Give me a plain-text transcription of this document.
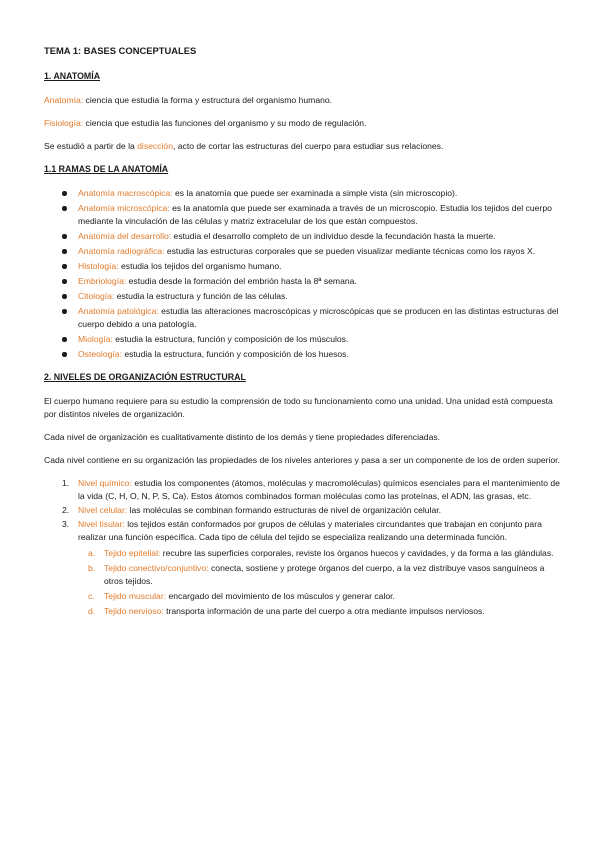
TEMA 1: BASES CONCEPTUALES
1. ANATOMÍA

Anatomía: ciencia que estudia la forma y estructura del organismo humano.

Fisiología: ciencia que estudia las funciones del organismo y su modo de regulación.

Se estudió a partir de la disección, acto de cortar las estructuras del cuerpo para estudiar sus relaciones.

1.1 RAMAS DE LA ANATOMÍA
Anatomía macroscópica: es la anatomía que puede ser examinada a simple vista (sin microscopio).
Anatomía microscópica: es la anatomía que puede ser examinada a través de un microscopio. Estudia los tejidos del cuerpo mediante la vinculación de las células y matriz extracelular de los que están compuestos.
Anatomía del desarrollo: estudia el desarrollo completo de un individuo desde la fecundación hasta la muerte.
Anatomía radiográfica: estudia las estructuras corporales que se pueden visualizar mediante técnicas como los rayos X.
Histología: estudia los tejidos del organismo humano.
Embriología: estudia desde la formación del embrión hasta la 8ª semana.
Citología: estudia la estructura y función de las células.
Anatomía patológica: estudia las alteraciones macroscópicas y microscópicas que se producen en las distintas estructuras del cuerpo debido a una patología.
Miología: estudia la estructura, función y composición de los músculos.
Osteología: estudia la estructura, función y composición de los huesos.
2. NIVELES DE ORGANIZACIÓN ESTRUCTURAL

El cuerpo humano requiere para su estudio la comprensión de todo su funcionamiento como una unidad. Una unidad está compuesta por distintos niveles de organización.

Cada nivel de organización es cualitativamente distinto de los demás y tiene propiedades diferenciadas.

Cada nivel contiene en su organización las propiedades de los niveles anteriores y pasa a ser un componente de los de orden superior.

1. Nivel químico: estudia los componentes (átomos, moléculas y macromoléculas) químicos esenciales para el mantenimiento de la vida (C, H, O, N, P, S, Ca). Estos átomos combinados forman moléculas como las proteínas, el ADN, las grasas, etc.
2. Nivel celular: las moléculas se combinan formando estructuras de nivel de organización celular.
3. Nivel tisular: los tejidos están conformados por grupos de células y materiales circundantes que trabajan en conjunto para realizar una función específica. Cada tipo de célula del tejido se especializa realizando una determinada función.
a. Tejido epitelial: recubre las superficies corporales, reviste los órganos huecos y cavidades, y da forma a las glándulas.
b. Tejido conectivo/conjuntivo: conecta, sostiene y protege órganos del cuerpo, a la vez distribuye vasos sanguíneos a otros tejidos.
c. Tejido muscular: encargado del movimiento de los músculos y generar calor.
d. Tejido nervioso: transporta información de una parte del cuerpo a otra mediante impulsos nerviosos.
